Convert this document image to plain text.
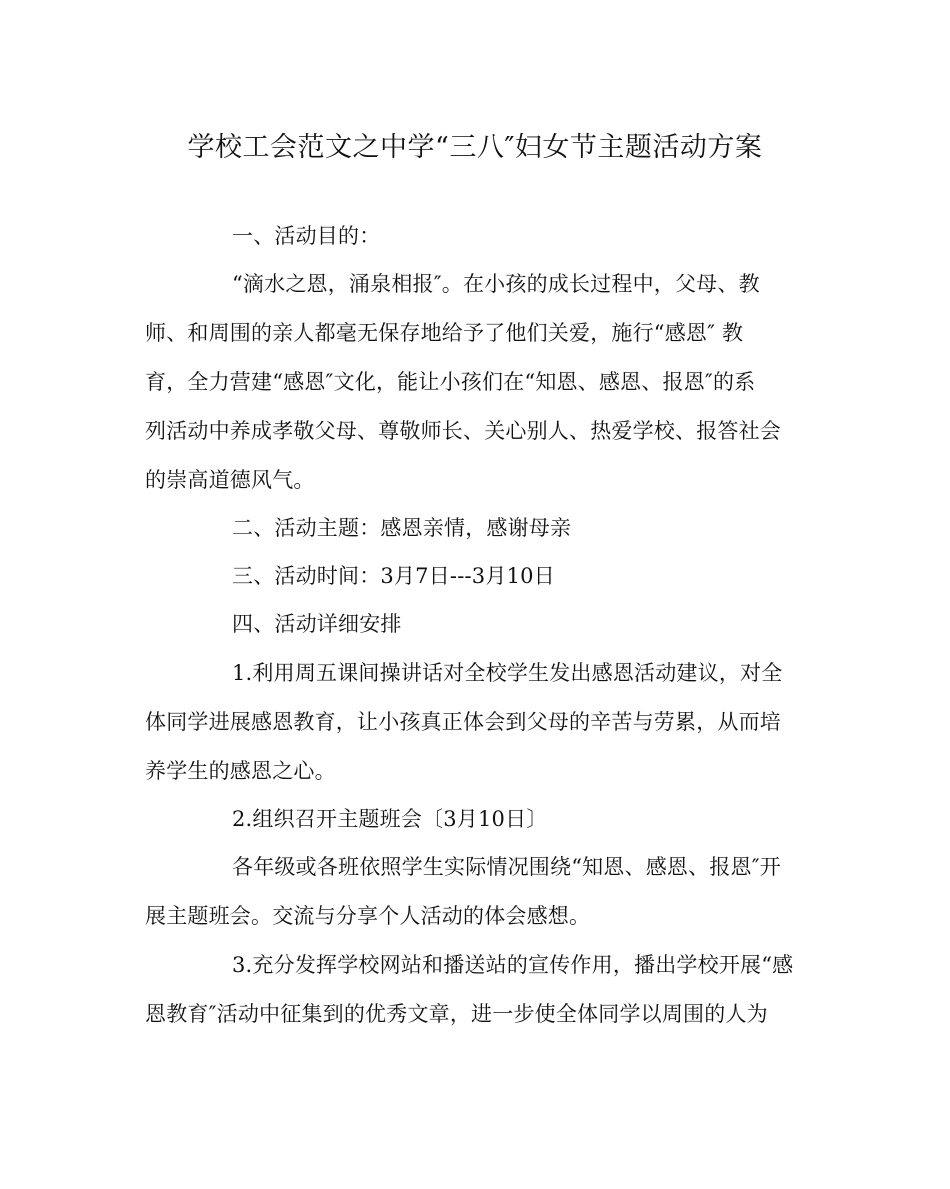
学校工会范文之中学“三八″妇女节主题活动方案
一、活动目的：
“滴水之恩，涌泉相报″。在小孩的成长过程中，父母、教
师、和周围的亲人都毫无保存地给予了他们关爱，施行“感恩″ 教
育，全力营建“感恩″文化，能让小孩们在“知恩、感恩、报恩″的系
列活动中养成孝敬父母、尊敬师长、关心别人、热爱学校、报答社会
的崇高道德风气。
二、活动主题：感恩亲情，感谢母亲
三、活动时间：3月7日---3月10日
四、活动详细安排
1.利用周五课间操讲话对全校学生发出感恩活动建议，对全
体同学进展感恩教育，让小孩真正体会到父母的辛苦与劳累，从而培
养学生的感恩之心。
2.组织召开主题班会〔3月10日〕
各年级或各班依照学生实际情况围绕“知恩、感恩、报恩″开
展主题班会。交流与分享个人活动的体会感想。
3.充分发挥学校网站和播送站的宣传作用，播出学校开展“感
恩教育″活动中征集到的优秀文章，进一步使全体同学以周围的人为
